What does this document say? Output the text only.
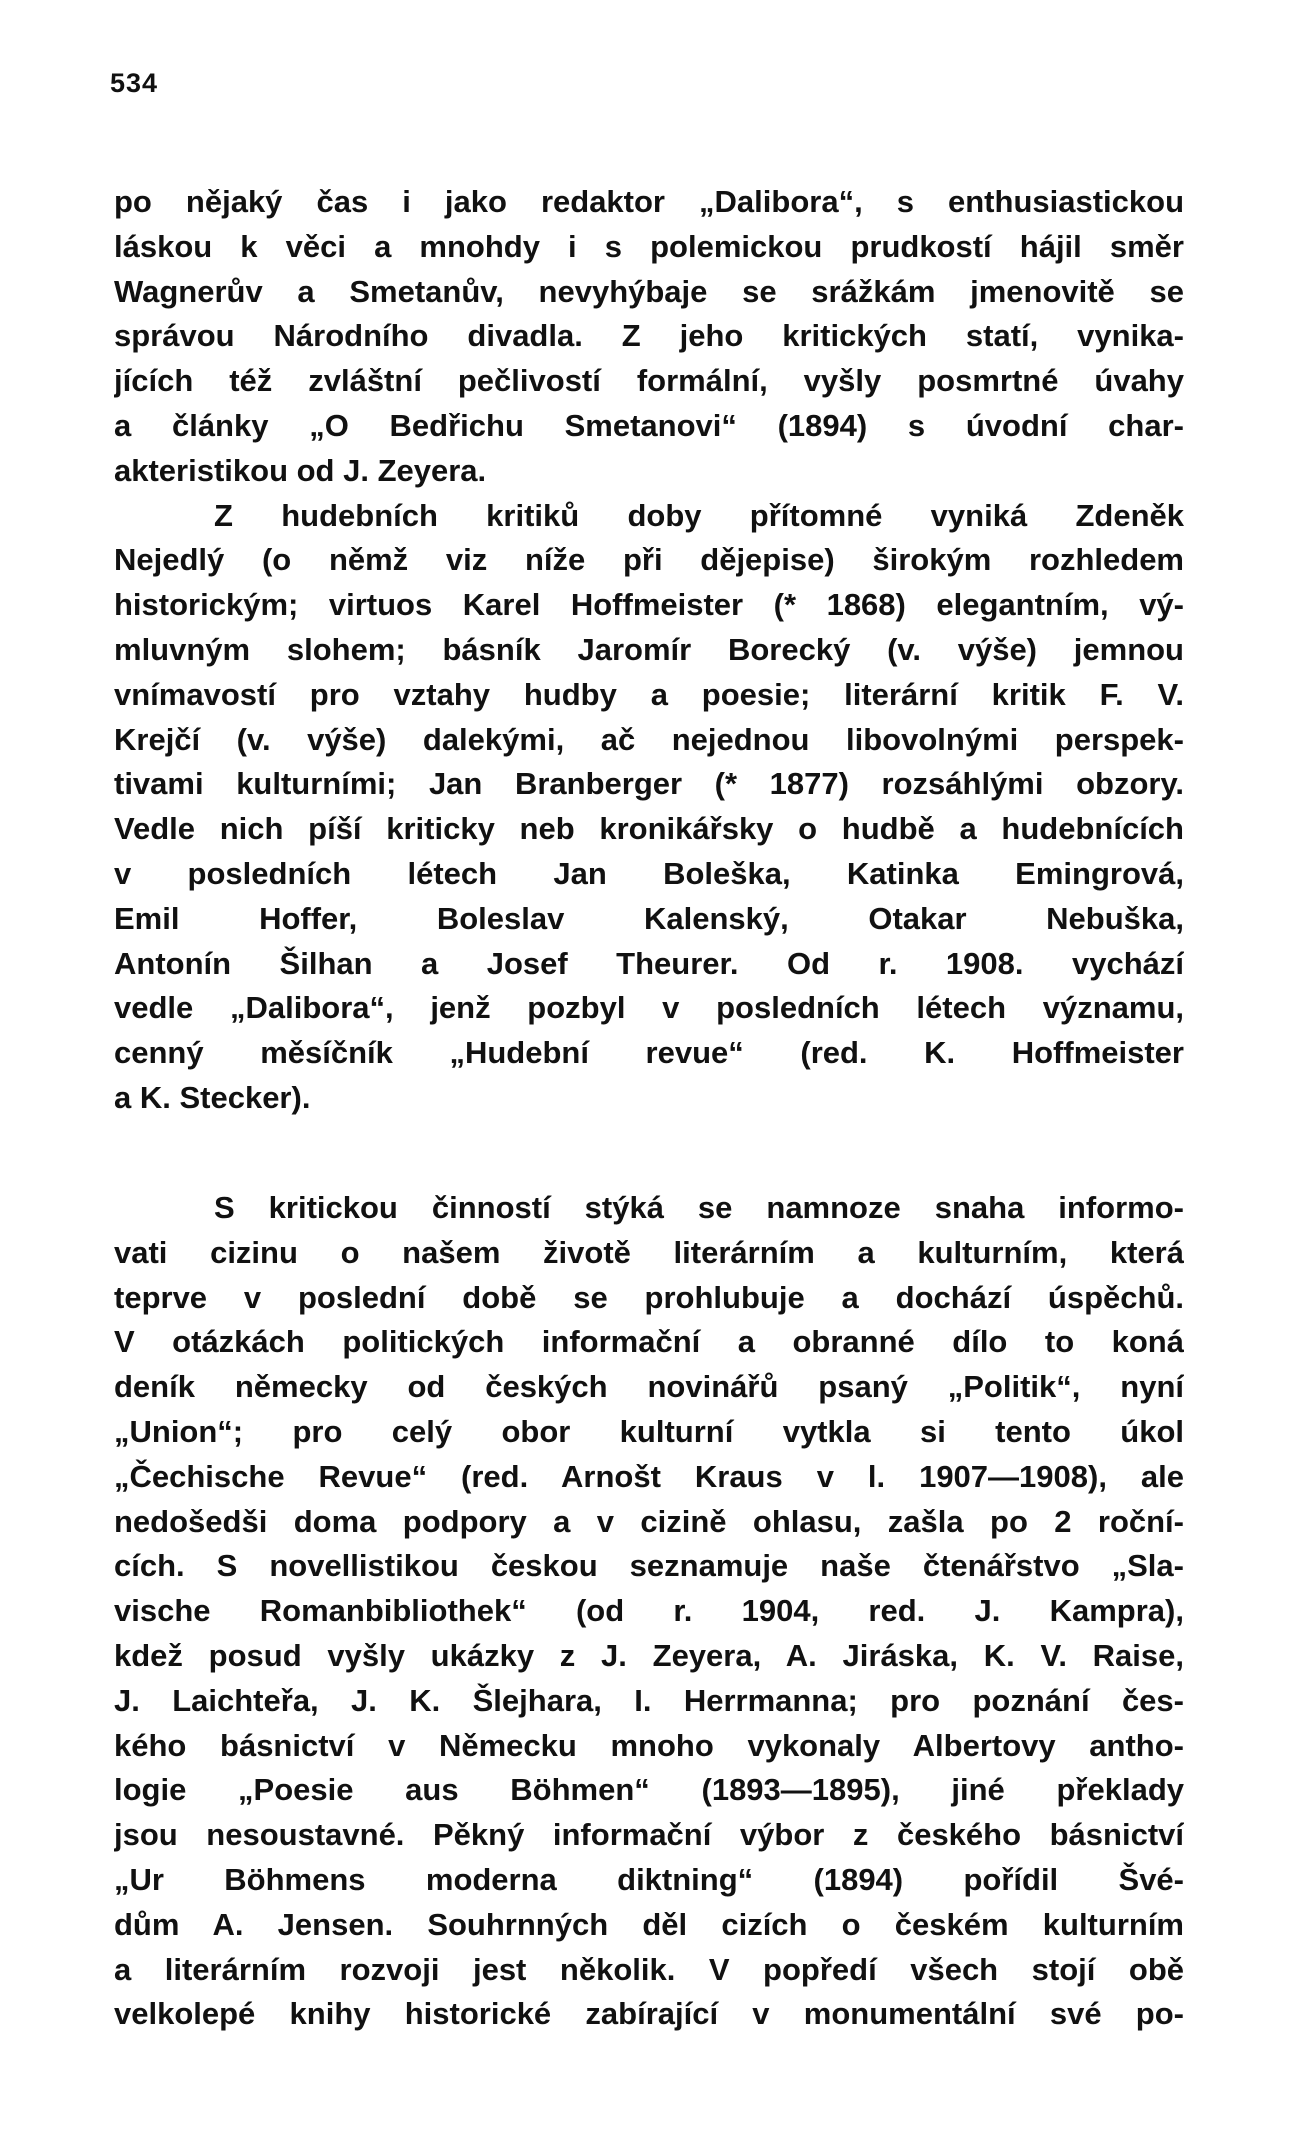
534
po nějaký čas i jako redaktor „Dalibora“, s enthusiastickou
láskou k věci a mnohdy i s polemickou prudkostí hájil směr
Wagnerův a Smetanův, nevyhýbaje se srážkám jmenovitě se
správou Národního divadla. Z jeho kritických statí, vynika-
jících též zvláštní pečlivostí formální, vyšly posmrtné úvahy
a články „O Bedřichu Smetanovi“ (1894) s úvodní char-
akteristikou od J. Zeyera.
Z hudebních kritiků doby přítomné vyniká Zdeněk
Nejedlý (o němž viz níže při dějepise) širokým rozhledem
historickým; virtuos Karel Hoffmeister (* 1868) elegantním, vý-
mluvným slohem; básník Jaromír Borecký (v. výše) jemnou
vnímavostí pro vztahy hudby a poesie; literární kritik F. V.
Krejčí (v. výše) dalekými, ač nejednou libovolnými perspek-
tivami kulturními; Jan Branberger (* 1877) rozsáhlými obzory.
Vedle nich píší kriticky neb kronikářsky o hudbě a hudebnících
v posledních létech Jan Boleška, Katinka Emingrová,
Emil Hoffer, Boleslav Kalenský, Otakar Nebuška,
Antonín Šilhan a Josef Theurer. Od r. 1908. vychází
vedle „Dalibora“, jenž pozbyl v posledních létech významu,
cenný měsíčník „Hudební revue“ (red. K. Hoffmeister
a K. Stecker).
S kritickou činností stýká se namnoze snaha informo-
vati cizinu o našem životě literárním a kulturním, která
teprve v poslední době se prohlubuje a dochází úspěchů.
V otázkách politických informační a obranné dílo to koná
deník německy od českých novinářů psaný „Politik“, nyní
„Union“; pro celý obor kulturní vytkla si tento úkol
„Čechische Revue“ (red. Arnošt Kraus v l. 1907—1908), ale
nedošedši doma podpory a v cizině ohlasu, zašla po 2 roční-
cích. S novellistikou českou seznamuje naše čtenářstvo „Sla-
vische Romanbibliothek“ (od r. 1904, red. J. Kampra),
kdež posud vyšly ukázky z J. Zeyera, A. Jiráska, K. V. Raise,
J. Laichteřa, J. K. Šlejhara, I. Herrmanna; pro poznání čes-
kého básnictví v Německu mnoho vykonaly Albertovy antho-
logie „Poesie aus Böhmen“ (1893—1895), jiné překlady
jsou nesoustavné. Pěkný informační výbor z českého básnictví
„Ur Böhmens moderna diktning“ (1894) pořídil Švé-
dům A. Jensen. Souhrnných děl cizích o českém kulturním
a literárním rozvoji jest několik. V popředí všech stojí obě
velkolepé knihy historické zabírající v monumentální své po-
